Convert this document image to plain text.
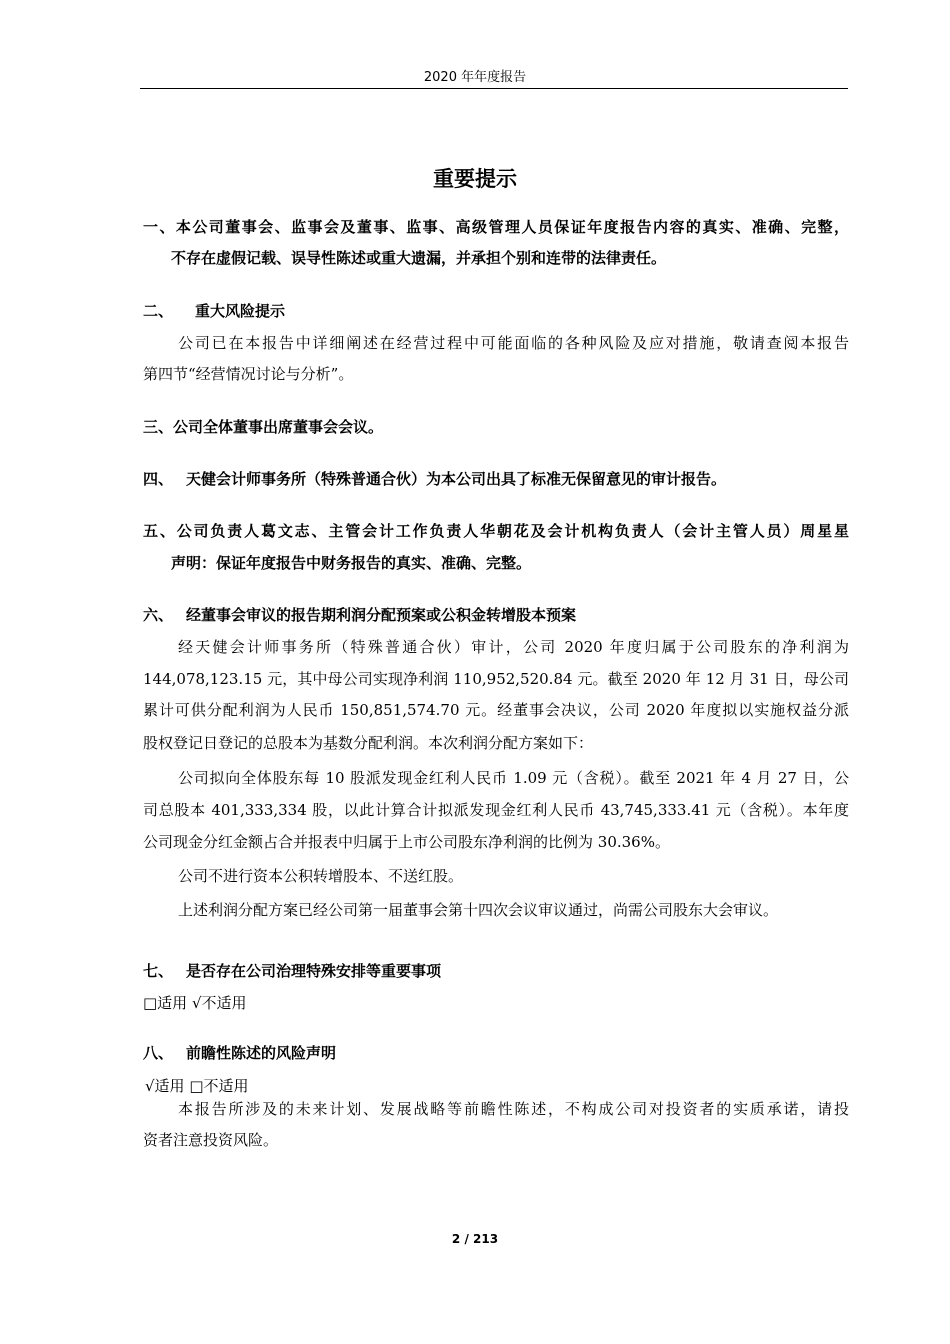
2020 年年度报告
重要提示
一、本公司董事会、监事会及董事、监事、高级管理人员保证年度报告内容的真实、准确、完整，
不存在虚假记载、误导性陈述或重大遗漏，并承担个别和连带的法律责任。
二、 重大风险提示
公司已在本报告中详细阐述在经营过程中可能面临的各种风险及应对措施，敬请查阅本报告
第四节“经营情况讨论与分析”。
三、公司全体董事出席董事会会议。
四、 天健会计师事务所（特殊普通合伙）为本公司出具了标准无保留意见的审计报告。
五、公司负责人葛文志、主管会计工作负责人华朝花及会计机构负责人（会计主管人员）周星星
声明：保证年度报告中财务报告的真实、准确、完整。
六、 经董事会审议的报告期利润分配预案或公积金转增股本预案
经天健会计师事务所（特殊普通合伙）审计，公司 2020 年度归属于公司股东的净利润为
144,078,123.15 元，其中母公司实现净利润 110,952,520.84 元。截至 2020 年 12 月 31 日，母公司
累计可供分配利润为人民币 150,851,574.70 元。经董事会决议，公司 2020 年度拟以实施权益分派
股权登记日登记的总股本为基数分配利润。本次利润分配方案如下：
公司拟向全体股东每 10 股派发现金红利人民币 1.09 元（含税）。截至 2021 年 4 月 27 日，公
司总股本 401,333,334 股，以此计算合计拟派发现金红利人民币 43,745,333.41 元（含税）。本年度
公司现金分红金额占合并报表中归属于上市公司股东净利润的比例为 30.36%。
公司不进行资本公积转增股本、不送红股。
上述利润分配方案已经公司第一届董事会第十四次会议审议通过，尚需公司股东大会审议。
七、 是否存在公司治理特殊安排等重要事项
□适用 √不适用
八、 前瞻性陈述的风险声明
√适用 □不适用
本报告所涉及的未来计划、发展战略等前瞻性陈述，不构成公司对投资者的实质承诺，请投
资者注意投资风险。
2 / 213
